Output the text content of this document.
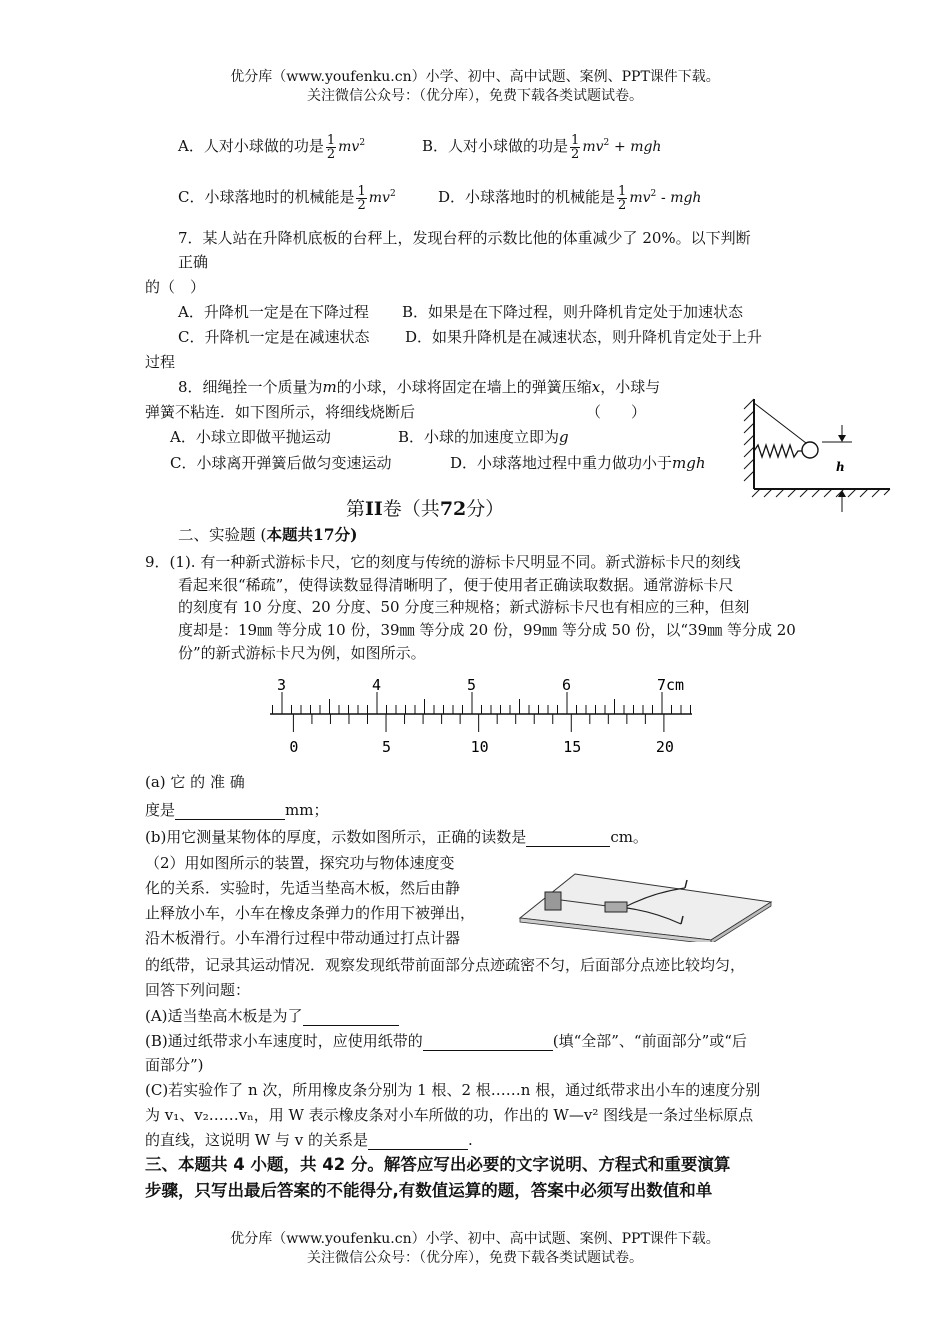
优分库（www.youfenku.cn）小学、初中、高中试题、案例、PPT课件下载。
关注微信公众号：（优分库），免费下载各类试题试卷。
A．人对小球做的功是 $\frac{1}{2} mv^2$	B．人对小球做的功是 $\frac{1}{2} mv^2$ + mgh
C．小球落地时的机械能是 $\frac{1}{2} mv^2$	D．小球落地时的机械能是 $\frac{1}{2} mv^2$ - mgh
7．某人站在升降机底板的台秤上，发现台秤的示数比他的体重减少了 20%。以下判断
正确
的（　）
A．升降机一定是在下降过程 B．如果是在下降过程，则升降机肯定处于加速状态
C．升降机一定是在减速状态 D．如果升降机是在减速状态，则升降机肯定处于上升
过程
8．细绳拴一个质量为m的小球，小球将固定在墙上的弹簧压缩x，小球与
弹簧不粘连．如下图所示，将细线烧断后	（　　）
A．小球立即做平抛运动	B．小球的加速度立即为g
C．小球离开弹簧后做匀变速运动	D．小球落地过程中重力做功小于mgh	h
第II卷（共72分）
二、实验题 (本题共17分)
9．(1). 有一种新式游标卡尺，它的刻度与传统的游标卡尺明显不同。新式游标卡尺的刻线
看起来很“稀疏”，使得读数显得清晰明了，便于使用者正确读取数据。通常游标卡尺
的刻度有 10 分度、20 分度、50 分度三种规格；新式游标卡尺也有相应的三种，但刻
度却是：19㎜ 等分成 10 份，39㎜ 等分成 20 份，99㎜ 等分成 50 份，以“39㎜ 等分成 20
份”的新式游标卡尺为例，如图所示。
3	4	5	6	7cm
0	5	10	15	20
(a) 它 的 准 确
度是	mm；
(b)用它测量某物体的厚度，示数如图所示，正确的读数是	cm。
（2）用如图所示的装置，探究功与物体速度变
化的关系．实验时，先适当垫高木板，然后由静
止释放小车，小车在橡皮条弹力的作用下被弹出，
沿木板滑行。小车滑行过程中带动通过打点计器
的纸带，记录其运动情况．观察发现纸带前面部分点迹疏密不匀，后面部分点迹比较均匀，
回答下列问题：
(A)适当垫高木板是为了
(B)通过纸带求小车速度时，应使用纸带的	(填“全部”、“前面部分”或“后
面部分”)
(C)若实验作了 n 次，所用橡皮条分别为 1 根、2 根……n 根，通过纸带求出小车的速度分别
为 v₁、v₂……vₙ，用 W 表示橡皮条对小车所做的功，作出的 W—v² 图线是一条过坐标原点
的直线，这说明 W 与 v 的关系是	.
三、本题共 4 小题，共 42 分。解答应写出必要的文字说明、方程式和重要演算
步骤，只写出最后答案的不能得分,有数值运算的题，答案中必须写出数值和单
优分库（www.youfenku.cn）小学、初中、高中试题、案例、PPT课件下载。
关注微信公众号：（优分库），免费下载各类试题试卷。
